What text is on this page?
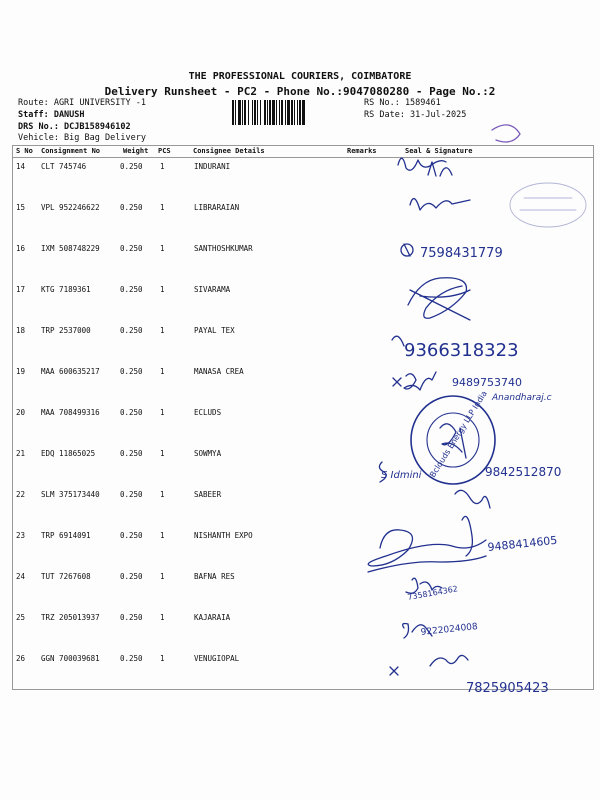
THE PROFESSIONAL COURIERS, COIMBATORE
Delivery Runsheet - PC2 - Phone No.:9047080280 - Page No.:2
Route: AGRI UNIVERSITY -1
Staff: DANUSH
DRS No.: DCJB158946102
Vehicle: Big Bag Delivery
RS No.: 1589461
RS Date: 31-Jul-2025
S No Consignment No	Weight PCS	Consignee Details	Remarks	Seal & Signature
14 CLT 745746	0.250 1	INDURANI
15 VPL 952246622	0.250 1	LIBRARAIAN
16 IXM 508748229	0.250 1	SANTHOSHKUMAR
17 KTG 7189361	0.250 1	SIVARAMA
18 TRP 2537000	0.250 1	PAYAL TEX
19 MAA 600635217	0.250 1	MANASA CREA
20 MAA 708499316	0.250 1	ECLUDS
21 EDQ 11865025	0.250 1	SOWMYA
22 SLM 375173440	0.250 1	SABEER
23 TRP 6914091	0.250 1	NISHANTH EXPO
24 TUT 7267608	0.250 1	BAFNA RES
25 TRZ 205013937	0.250 1	KAJARAIA
26 GGN 700039681	0.250 1	VENUGIOPAL
7598431779
9366318323
9489753740
Anandharaj.c
Bclouds Energy LLP India
S Idmini	9842512870
9488414605
7358164362
9222024008
7825905423
